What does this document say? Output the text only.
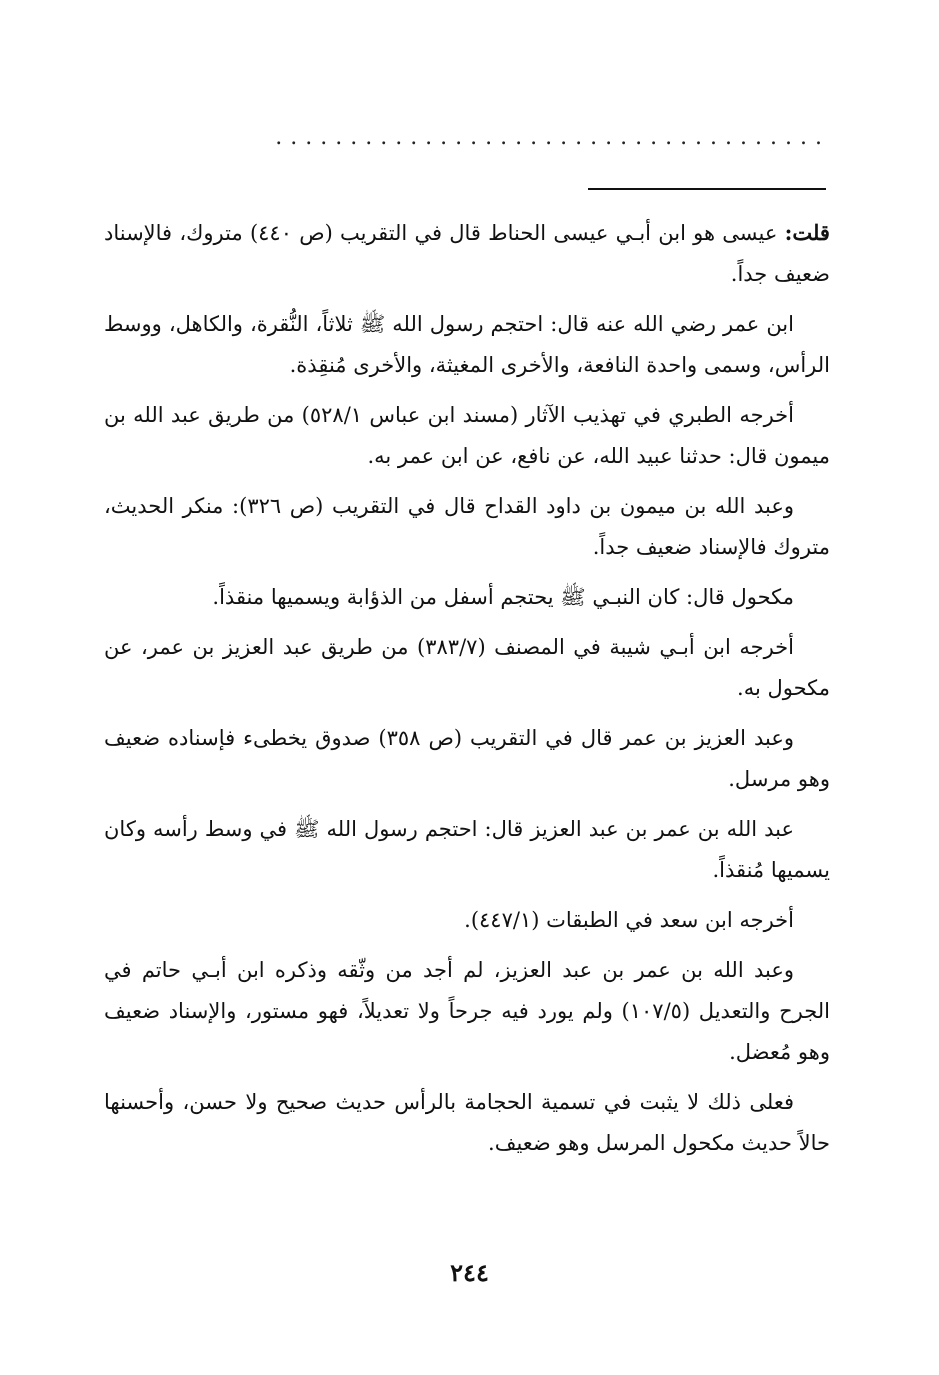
.....................................

قلت: عيسى هو ابن أبـي عيسى الحناط قال في التقريب (ص ٤٤٠) متروك، فالإسناد ضعيف جداً.

ابن عمر رضي الله عنه قال: احتجم رسول الله ﷺ ثلاثاً، النُّقرة، والكاهل، ووسط الرأس، وسمى واحدة النافعة، والأخرى المغيثة، والأخرى مُنقِذة.

أخرجه الطبري في تهذيب الآثار (مسند ابن عباس ٥٢٨/١) من طريق عبد الله بن ميمون قال: حدثنا عبيد الله، عن نافع، عن ابن عمر به.

وعبد الله بن ميمون بن داود القداح قال في التقريب (ص ٣٢٦): منكر الحديث، متروك فالإسناد ضعيف جداً.

مكحول قال: كان النبـي ﷺ يحتجم أسفل من الذؤابة ويسميها منقذاً.

أخرجه ابن أبـي شيبة في المصنف (٣٨٣/٧) من طريق عبد العزيز بن عمر، عن مكحول به.

وعبد العزيز بن عمر قال في التقريب (ص ٣٥٨) صدوق يخطىء فإسناده ضعيف وهو مرسل.

عبد الله بن عمر بن عبد العزيز قال: احتجم رسول الله ﷺ في وسط رأسه وكان يسميها مُنقذاً.

أخرجه ابن سعد في الطبقات (٤٤٧/١).

وعبد الله بن عمر بن عبد العزيز، لم أجد من وثّقه وذكره ابن أبـي حاتم في الجرح والتعديل (١٠٧/٥) ولم يورد فيه جرحاً ولا تعديلاً، فهو مستور، والإسناد ضعيف وهو مُعضل.

فعلى ذلك لا يثبت في تسمية الحجامة بالرأس حديث صحيح ولا حسن، وأحسنها حالاً حديث مكحول المرسل وهو ضعيف.

٢٤٤
